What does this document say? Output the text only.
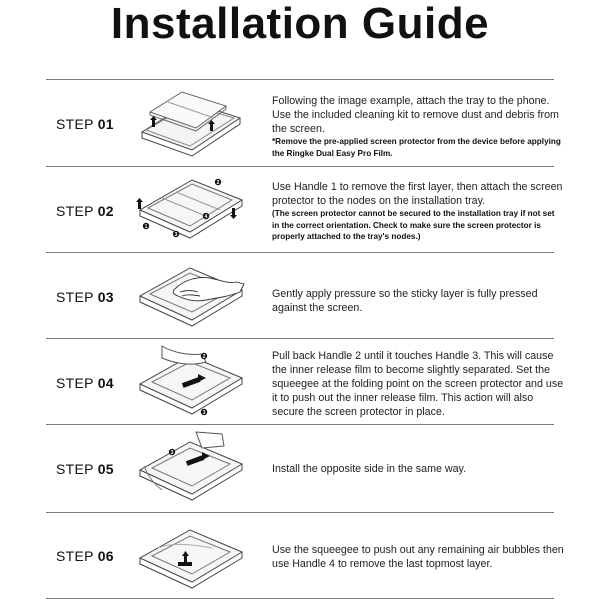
Installation Guide
STEP 01
Following the image example, attach the tray to the phone. Use the included cleaning kit to remove dust and debris from the screen.
*Remove the pre-applied screen protector from the device before applying the Ringke Dual Easy Pro Film.
STEP 02
1
2
3
4
Use Handle 1 to remove the first layer, then attach the screen protector to the nodes on the installation tray.
(The screen protector cannot be secured to the installation tray if not set in the correct orientation. Check to make sure the screen protector is properly attached to the tray's nodes.)
STEP 03	Gently apply pressure so the sticky layer is fully pressed against the screen.
STEP 04
2
3
Pull back Handle 2 until it touches Handle 3. This will cause the inner release film to become slightly separated. Set the squeegee at the folding point on the screen protector and use it to push out the inner release film. This action will also secure the screen protector in place.
STEP 05
3
Install the opposite side in the same way.
STEP 06	Use the squeegee to push out any remaining air bubbles then use Handle 4 to remove the last topmost layer.
